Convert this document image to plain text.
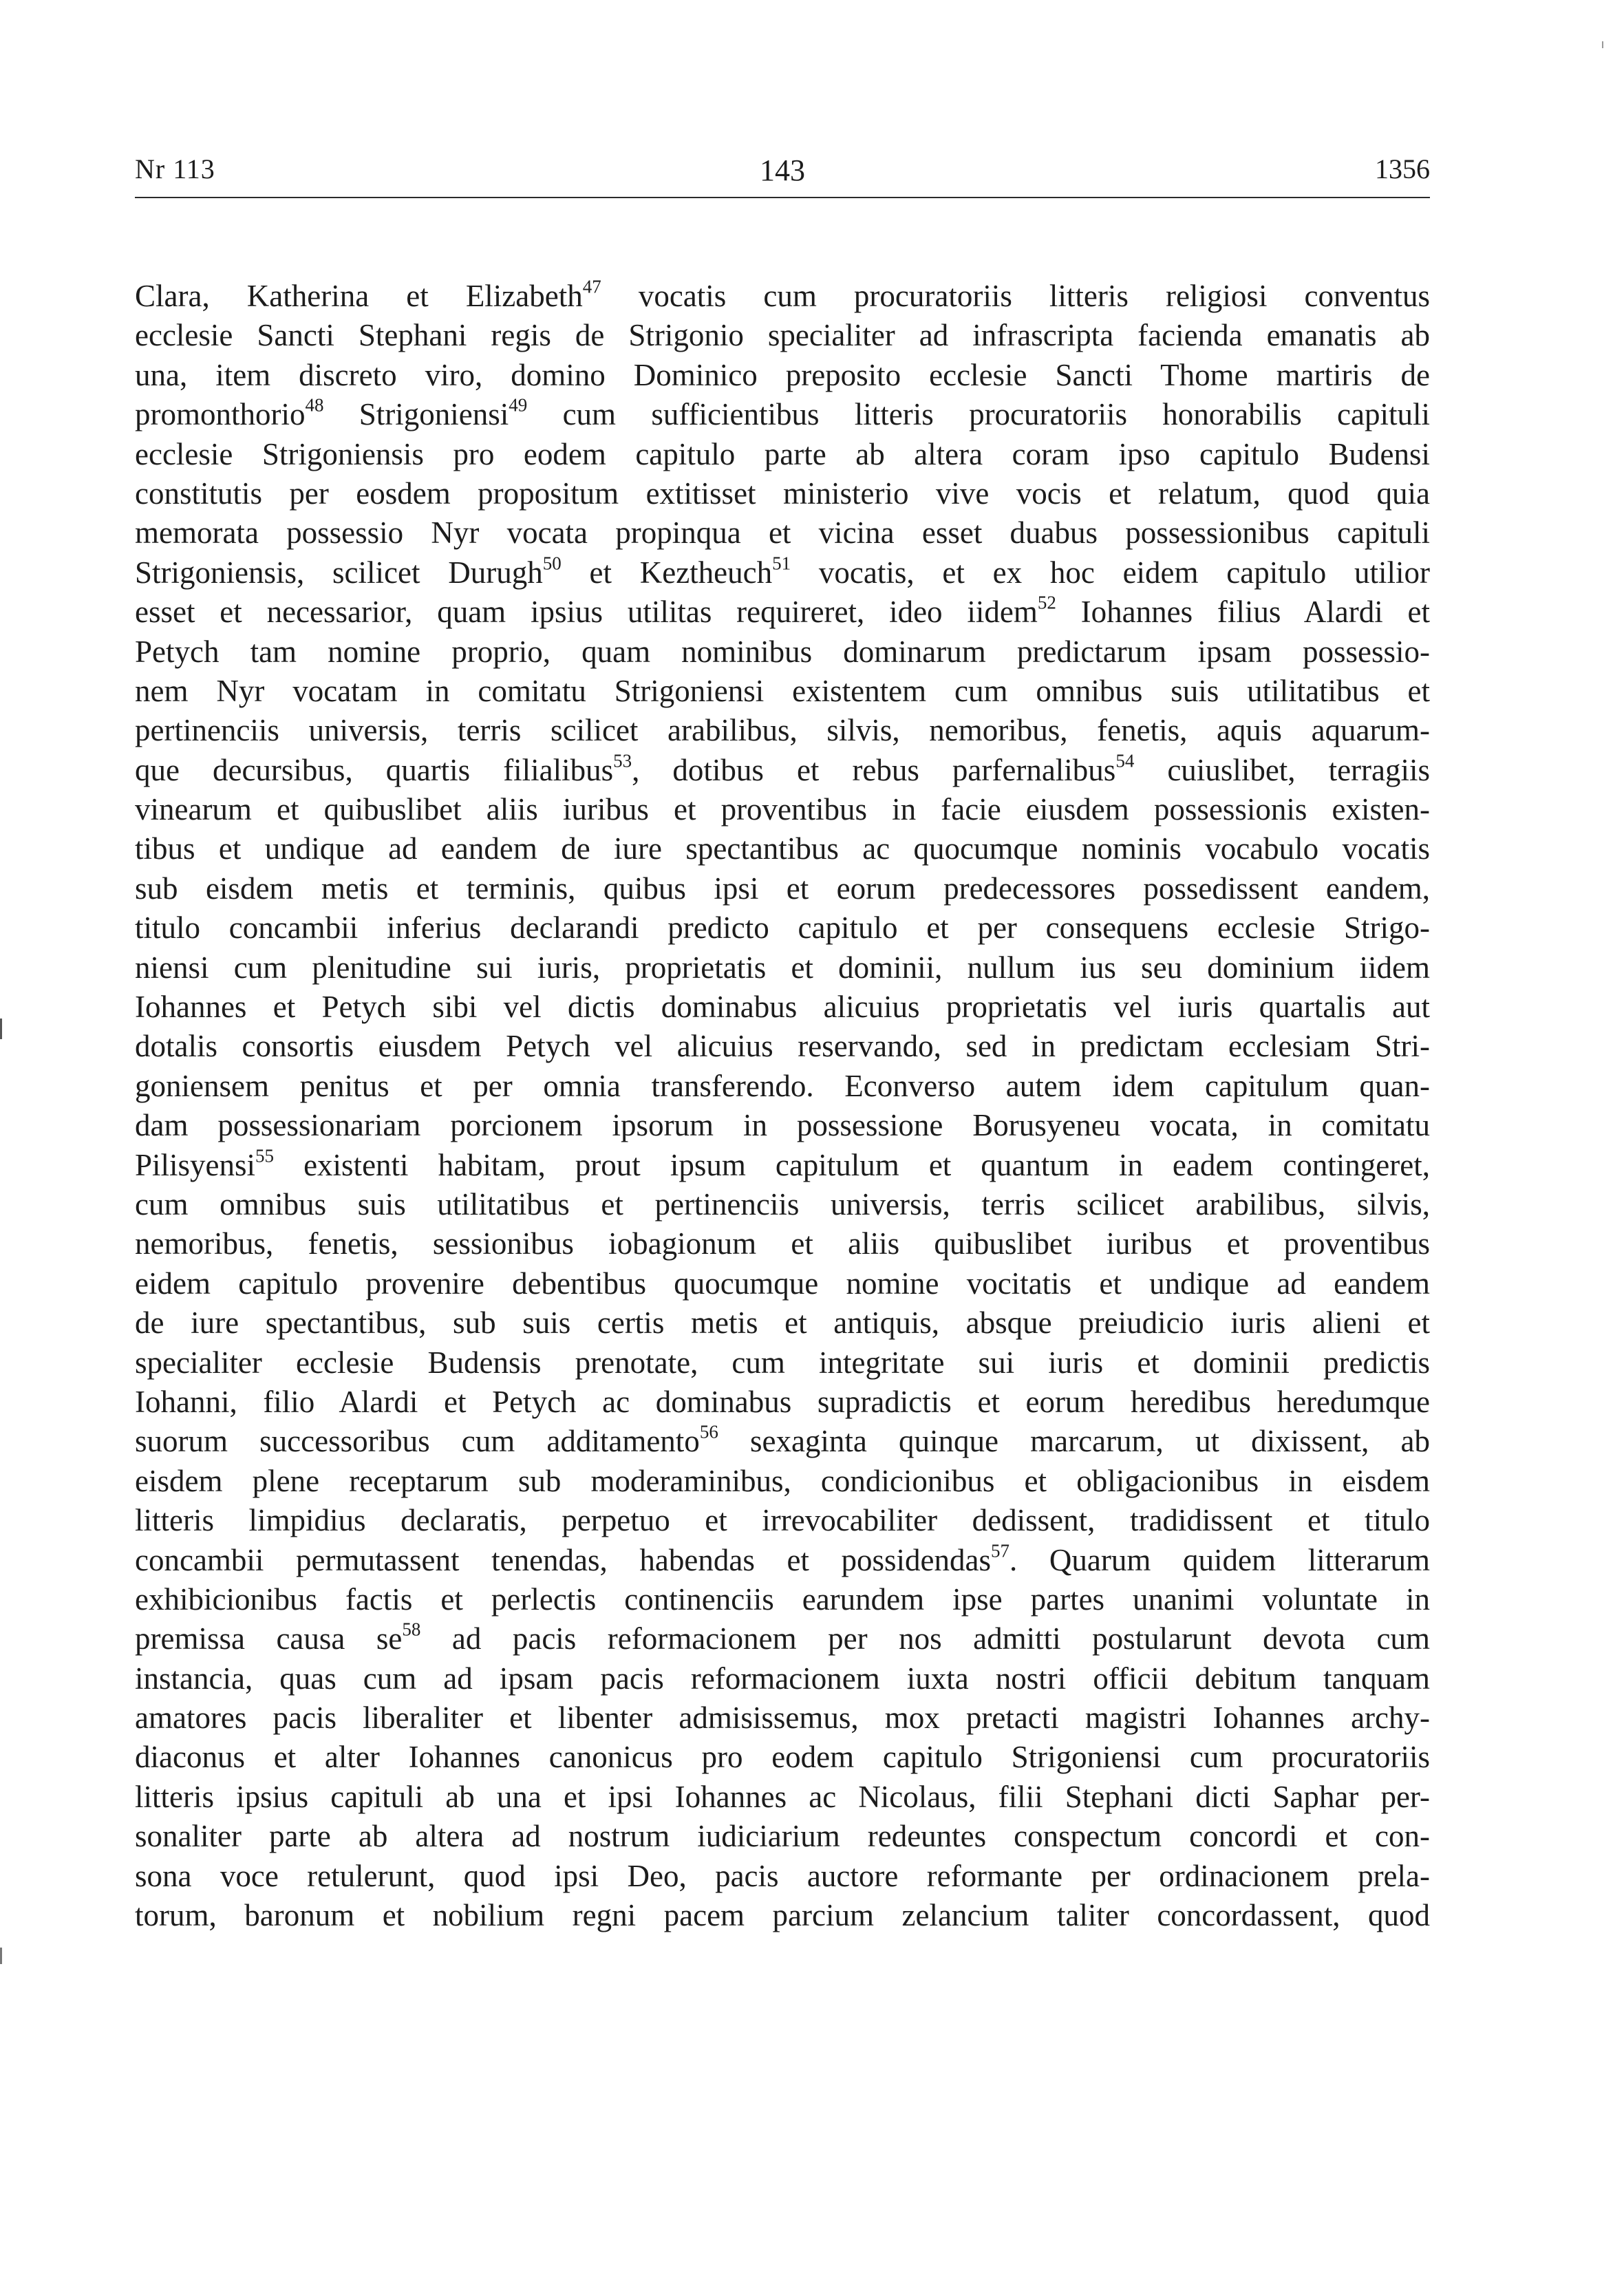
Nr 113	143	1356
Clara, Katherina et Elizabeth$^{47}$ vocatis cum procuratoriis litteris religiosi conventus
ecclesie Sancti Stephani regis de Strigonio specialiter ad infrascripta facienda emanatis ab
una, item discreto viro, domino Dominico preposito ecclesie Sancti Thome martiris de
promonthorio$^{48}$ Strigoniensi$^{49}$ cum sufficientibus litteris procuratoriis honorabilis capituli
ecclesie Strigoniensis pro eodem capitulo parte ab altera coram ipso capitulo Budensi
constitutis per eosdem propositum extitisset ministerio vive vocis et relatum, quod quia
memorata possessio Nyr vocata propinqua et vicina esset duabus possessionibus capituli
Strigoniensis, scilicet Durugh$^{50}$ et Keztheuch$^{51}$ vocatis, et ex hoc eidem capitulo utilior
esset et necessarior, quam ipsius utilitas requireret, ideo iidem$^{52}$ Iohannes filius Alardi et
Petych tam nomine proprio, quam nominibus dominarum predictarum ipsam possessio-
nem Nyr vocatam in comitatu Strigoniensi existentem cum omnibus suis utilitatibus et
pertinenciis universis, terris scilicet arabilibus, silvis, nemoribus, fenetis, aquis aquarum-
que decursibus, quartis filialibus$^{53}$, dotibus et rebus parfernalibus$^{54}$ cuiuslibet, terragiis
vinearum et quibuslibet aliis iuribus et proventibus in facie eiusdem possessionis existen-
tibus et undique ad eandem de iure spectantibus ac quocumque nominis vocabulo vocatis
sub eisdem metis et terminis, quibus ipsi et eorum predecessores possedissent eandem,
titulo concambii inferius declarandi predicto capitulo et per consequens ecclesie Strigo-
niensi cum plenitudine sui iuris, proprietatis et dominii, nullum ius seu dominium iidem
Iohannes et Petych sibi vel dictis dominabus alicuius proprietatis vel iuris quartalis aut
dotalis consortis eiusdem Petych vel alicuius reservando, sed in predictam ecclesiam Stri-
goniensem penitus et per omnia transferendo. Econverso autem idem capitulum quan-
dam possessionariam porcionem ipsorum in possessione Borusyeneu vocata, in comitatu
Pilisyensi$^{55}$ existenti habitam, prout ipsum capitulum et quantum in eadem contingeret,
cum omnibus suis utilitatibus et pertinenciis universis, terris scilicet arabilibus, silvis,
nemoribus, fenetis, sessionibus iobagionum et aliis quibuslibet iuribus et proventibus
eidem capitulo provenire debentibus quocumque nomine vocitatis et undique ad eandem
de iure spectantibus, sub suis certis metis et antiquis, absque preiudicio iuris alieni et
specialiter ecclesie Budensis prenotate, cum integritate sui iuris et dominii predictis
Iohanni, filio Alardi et Petych ac dominabus supradictis et eorum heredibus heredumque
suorum successoribus cum additamento$^{56}$ sexaginta quinque marcarum, ut dixissent, ab
eisdem plene receptarum sub moderaminibus, condicionibus et obligacionibus in eisdem
litteris limpidius declaratis, perpetuo et irrevocabiliter dedissent, tradidissent et titulo
concambii permutassent tenendas, habendas et possidendas$^{57}$. Quarum quidem litterarum
exhibicionibus factis et perlectis continenciis earundem ipse partes unanimi voluntate in
premissa causa $se^{58}$ ad pacis reformacionem per nos admitti postularunt devota cum
instancia, quas cum ad ipsam pacis reformacionem iuxta nostri officii debitum tanquam
amatores pacis liberaliter et libenter admisissemus, mox pretacti magistri Iohannes archy-
diaconus et alter Iohannes canonicus pro eodem capitulo Strigoniensi cum procuratoriis
litteris ipsius capituli ab una et ipsi Iohannes ac Nicolaus, filii Stephani dicti Saphar per-
sonaliter parte ab altera ad nostrum iudiciarium redeuntes conspectum concordi et con-
sona voce retulerunt, quod ipsi Deo, pacis auctore reformante per ordinacionem prela-
torum, baronum et nobilium regni pacem parcium zelancium taliter concordassent, quod
